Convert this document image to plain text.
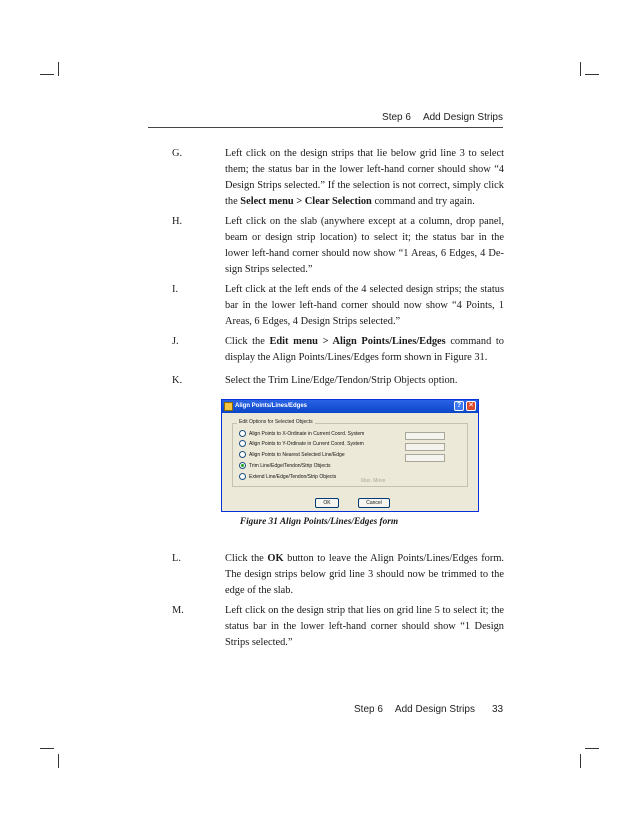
Step 6 Add Design Strips
G.	Left click on the design strips that lie below grid line 3 to select them; the status bar in the lower left-hand corner should show “4 Design Strips selected.” If the selection is not correct, simply click the Select menu > Clear Selection command and try again.
H.	Left click on the slab (anywhere except at a column, drop panel, beam or design strip location) to select it; the status bar in the lower left-hand corner should now show “1 Areas, 6 Edges, 4 De-sign Strips selected.”
I.	Left click at the left ends of the 4 selected design strips; the status bar in the lower left-hand corner should now show “4 Points, 1 Areas, 6 Edges, 4 Design Strips selected.”
J.	Click the Edit menu > Align Points/Lines/Edges command to display the Align Points/Lines/Edges form shown in Figure 31.
K.	Select the Trim Line/Edge/Tendon/Strip Objects option.
Align Points/Lines/Edges	? ✕
Edit Options for Selected Objects
Align Points to X-Ordinate in Current Coord. System
Align Points to Y-Ordinate in Current Coord. System
Align Points to Nearest Selected Line/Edge
Trim Line/Edge/Tendon/Strip Objects
Extend Line/Edge/Tendon/Strip Objects
Max. Move
OK	Cancel
Figure 31 Align Points/Lines/Edges form
L.	Click the OK button to leave the Align Points/Lines/Edges form. The design strips below grid line 3 should now be trimmed to the edge of the slab.
M.	Left click on the design strip that lies on grid line 5 to select it; the status bar in the lower left-hand corner should show “1 Design Strips selected.”
Step 6 Add Design Strips 33
